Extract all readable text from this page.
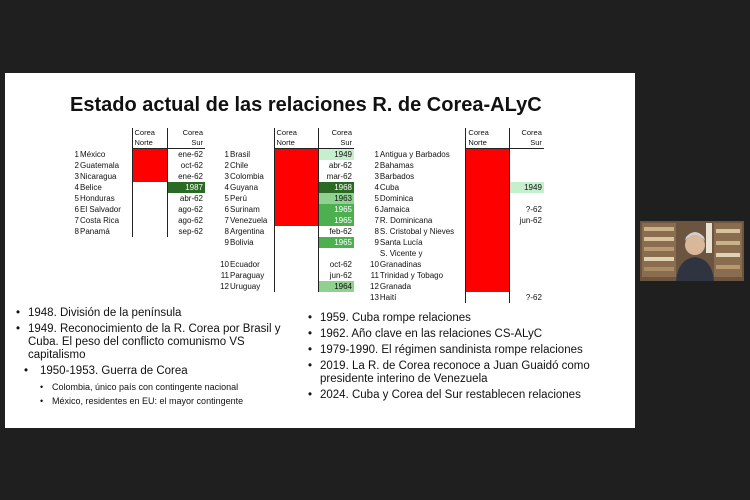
Estado actual de las relaciones R. de Corea-ALyC
		Corea	Corea
		Norte	Sur
1	México		ene-62
2	Guatemala		oct-62
3	Nicaragua		ene-62
4	Belice		1987
5	Honduras		abr-62
6	El Salvador		ago-62
7	Costa Rica		ago-62
8	Panamá		sep-62
		Corea	Corea
		Norte	Sur
1	Brasil		1949
2	Chile		abr-62
3	Colombia		mar-62
4	Guyana		1968
5	Perú		1963
6	Surinam		1965
7	Venezuela		1965
8	Argentina		feb-62
9	Bolivia		1965

10	Ecuador		oct-62
11	Paraguay		jun-62
12	Uruguay		1964
		Corea	Corea
		Norte	Sur
1	Antigua y Barbados		
2	Bahamas		
3	Barbados		
4	Cuba		1949
5	Dominica		
6	Jamaica		?-62
7	R. Dominicana		jun-62
8	S. Cristobal y Nieves		
9	Santa Lucía		
	S. Vicente y		
10	Granadinas		
11	Trinidad y Tobago		
12	Granada		
13	Haití		?-62
• 1948. División de la península
• 1949. Reconocimiento de la R. Corea por Brasil y Cuba. El peso del conflicto comunismo VS capitalismo
• 1950-1953. Guerra de Corea
• Colombia, único país con contingente nacional
• México, residentes en EU: el mayor contingente
• 1959. Cuba rompe relaciones
• 1962. Año clave en las relaciones CS-ALyC
• 1979-1990. El régimen sandinista rompe relaciones
• 2019. La R. de Corea reconoce a Juan Guaidó como presidente interino de Venezuela
• 2024. Cuba y Corea del Sur restablecen relaciones
